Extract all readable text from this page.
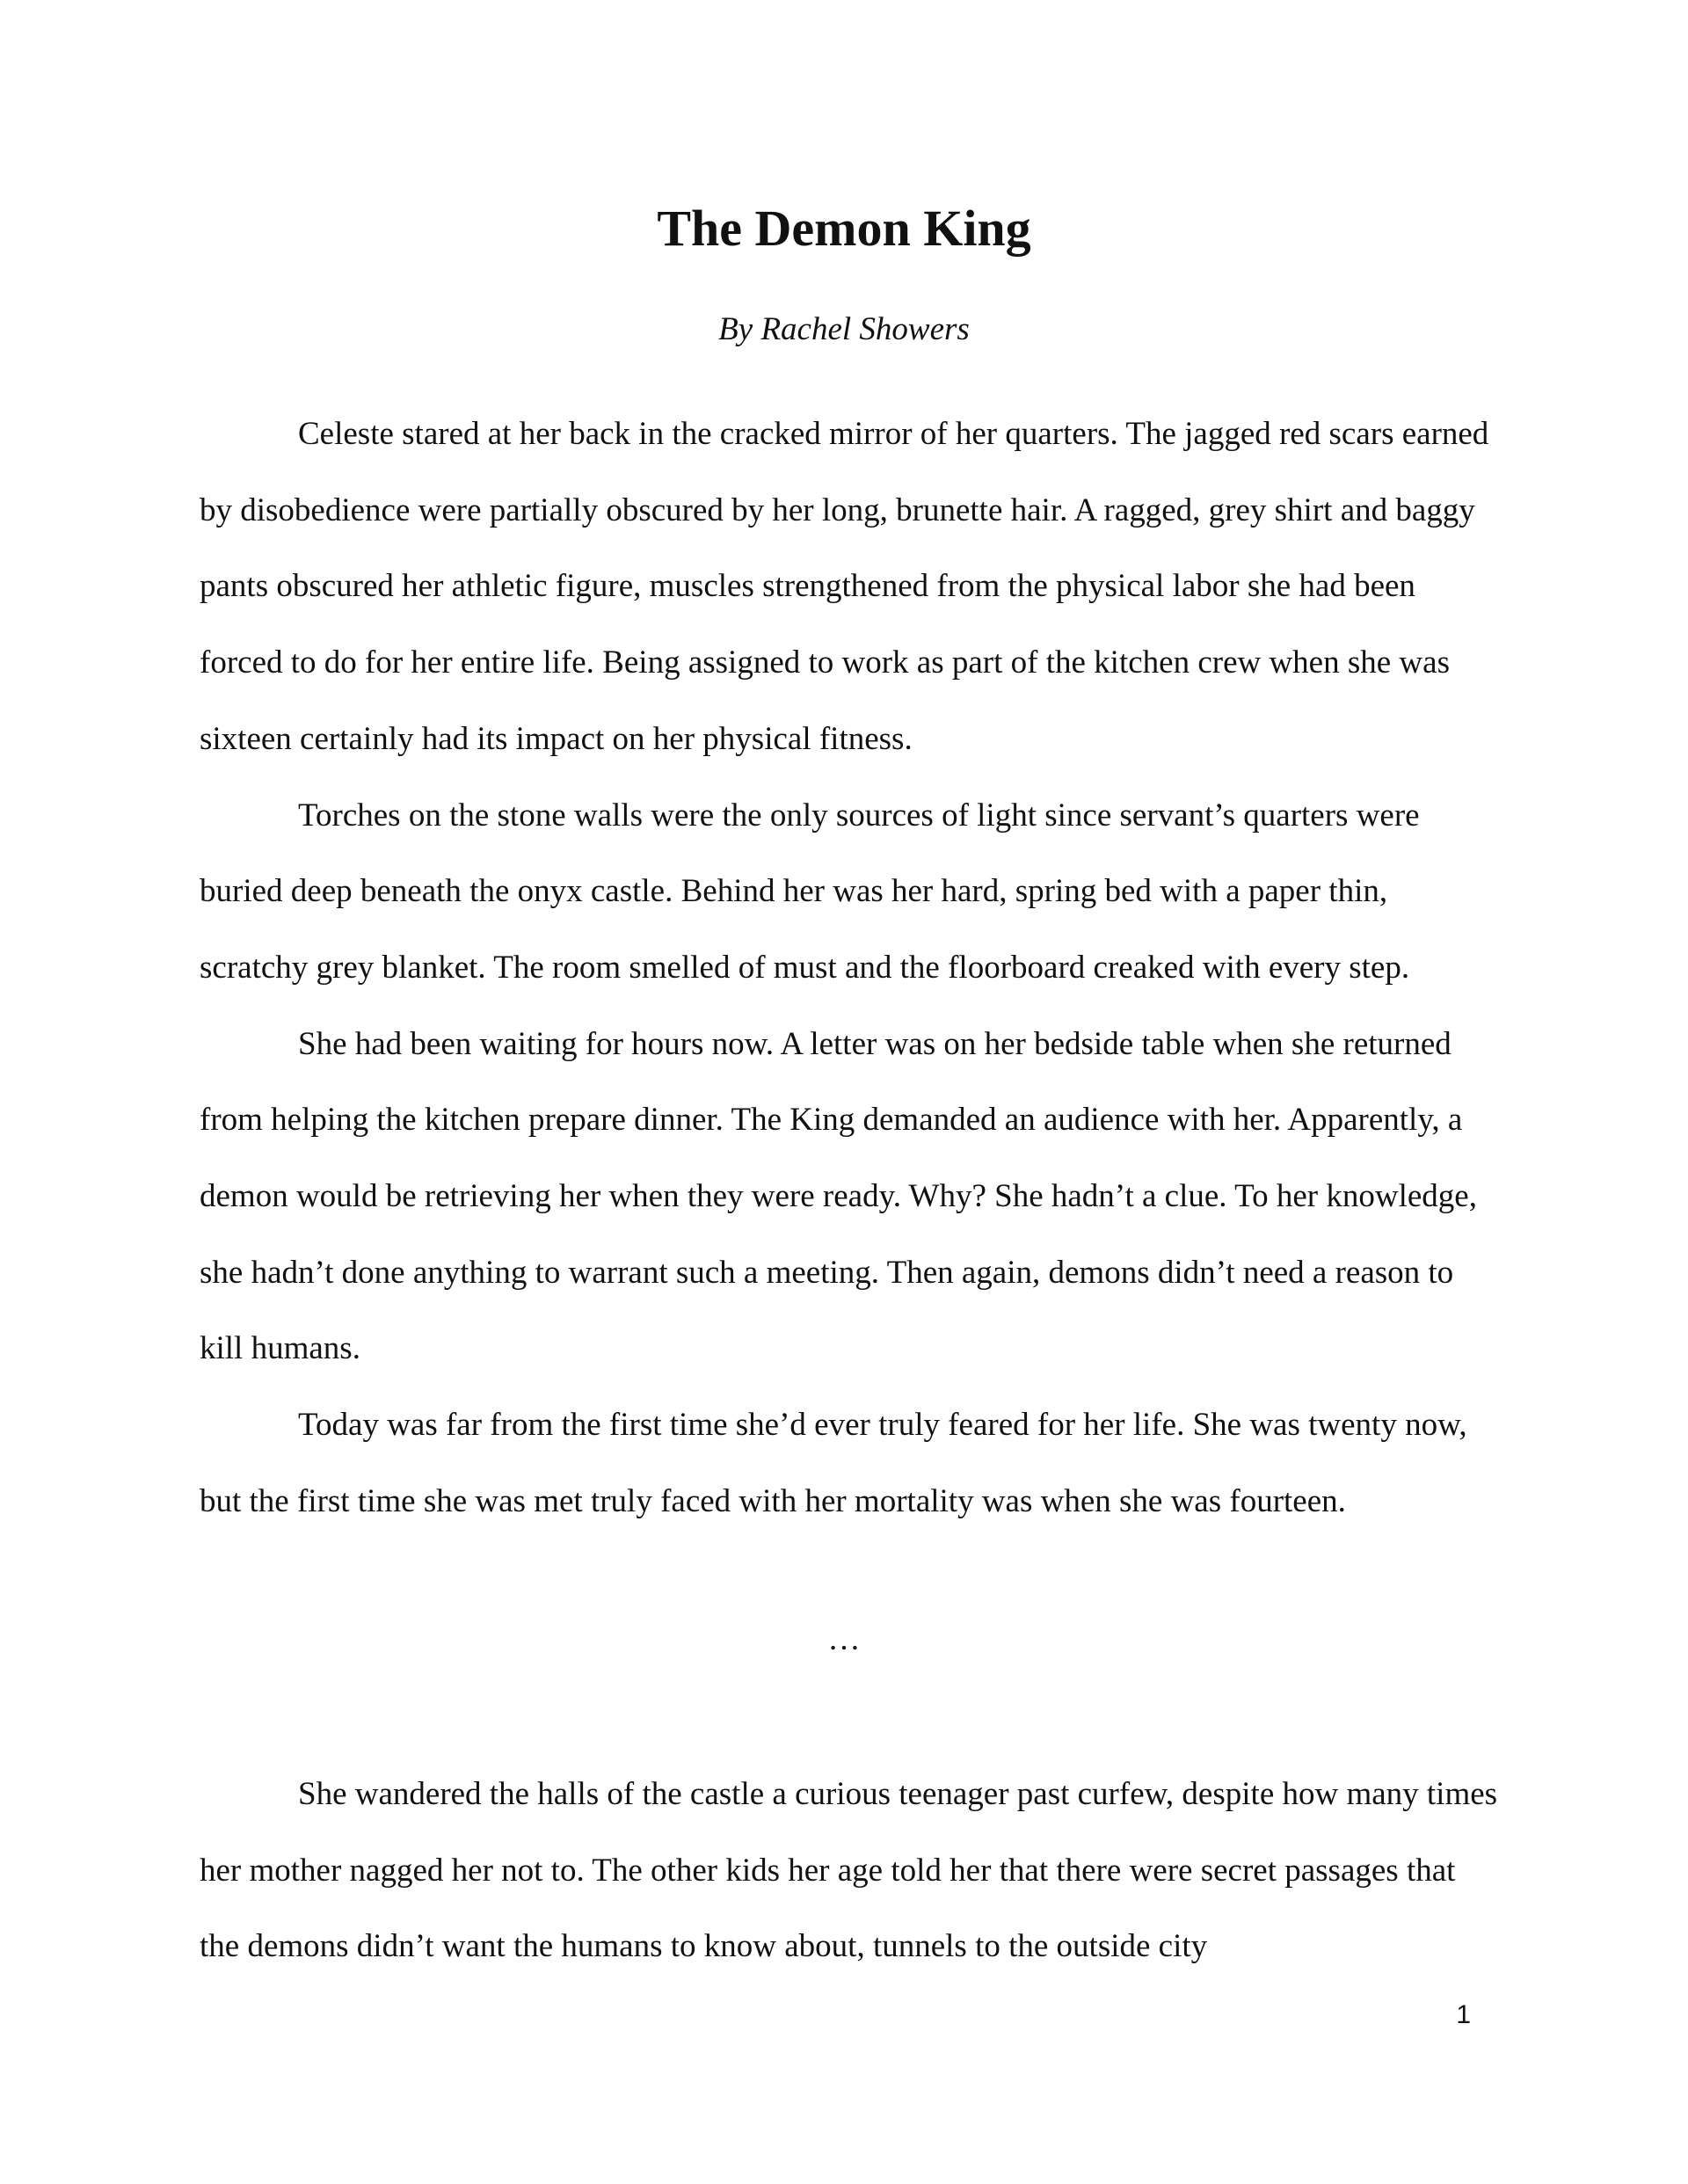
The Demon King

By Rachel Showers

Celeste stared at her back in the cracked mirror of her quarters. The jagged red scars earned by disobedience were partially obscured by her long, brunette hair. A ragged, grey shirt and baggy pants obscured her athletic figure, muscles strengthened from the physical labor she had been forced to do for her entire life. Being assigned to work as part of the kitchen crew when she was sixteen certainly had its impact on her physical fitness.

Torches on the stone walls were the only sources of light since servant’s quarters were buried deep beneath the onyx castle. Behind her was her hard, spring bed with a paper thin, scratchy grey blanket. The room smelled of must and the floorboard creaked with every step.

She had been waiting for hours now. A letter was on her bedside table when she returned from helping the kitchen prepare dinner. The King demanded an audience with her. Apparently, a demon would be retrieving her when they were ready. Why? She hadn’t a clue. To her knowledge, she hadn’t done anything to warrant such a meeting. Then again, demons didn’t need a reason to kill humans.

Today was far from the first time she’d ever truly feared for her life. She was twenty now, but the first time she was met truly faced with her mortality was when she was fourteen.

…

She wandered the halls of the castle a curious teenager past curfew, despite how many times her mother nagged her not to. The other kids her age told her that there were secret passages that the demons didn’t want the humans to know about, tunnels to the outside city

1
